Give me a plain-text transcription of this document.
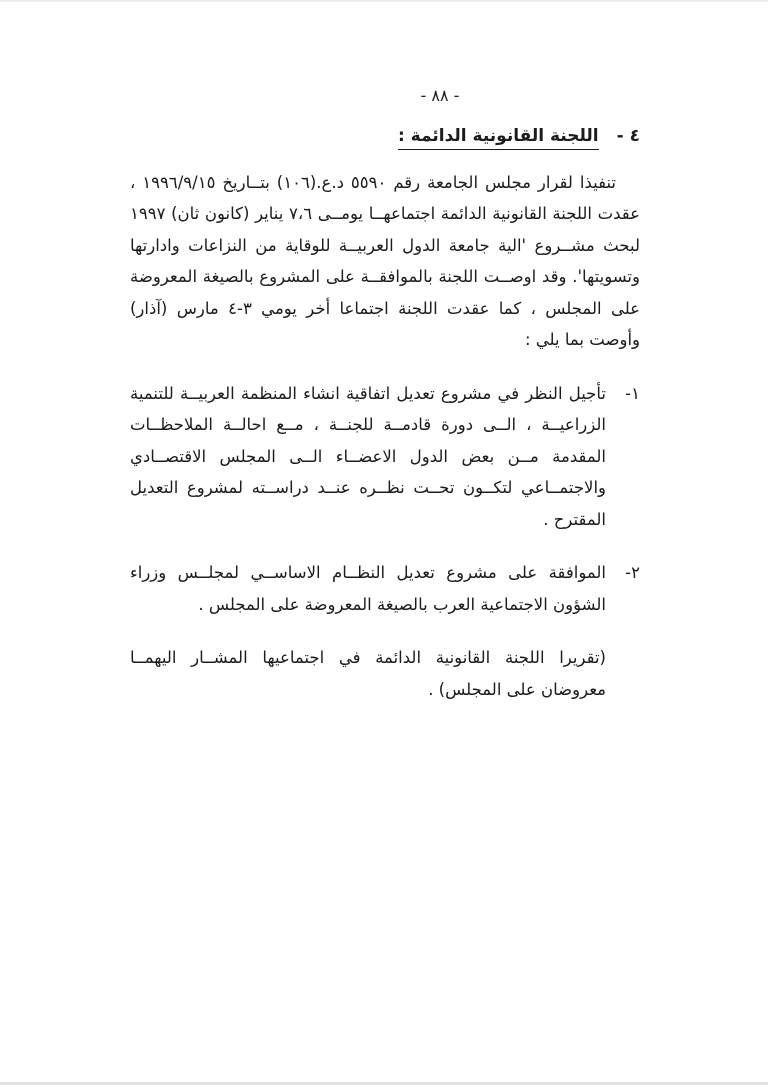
- ٨٨ -
٤ -اللجنة القانونية الدائمة :

تنفيذا لقرار مجلس الجامعة رقم ٥٥٩٠ د.ع.(١٠٦) بتــاريخ ١٩٩٦/٩/١٥ ، عقدت اللجنة القانونية الدائمة اجتماعهــا يومــى ٧،٦ يناير (كانون ثان) ١٩٩٧ لبحث مشــروع 'الية جامعة الدول العربيــة للوقاية من النزاعات وادارتها وتسويتها'. وقد اوصــت اللجنة بالموافقــة على المشروع بالصيغة المعروضة على المجلس ، كما عقدت اللجنة اجتماعا أخر يومي ٣-٤ مارس (آذار) وأوصت بما يلي :

١-

تأجيل النظر في مشروع تعديل اتفاقية انشاء المنظمة العربيــة للتنمية الزراعيــة ، الــى دورة قادمــة للجنــة ، مــع احالــة الملاحظــات المقدمة مــن بعض الدول الاعضــاء الــى المجلس الاقتصــادي والاجتمــاعي لتكــون تحــت نظــره عنــد دراســته لمشروع التعديل المقترح .

٢-

الموافقة على مشروع تعديل النظــام الاساســي لمجلــس وزراء الشؤون الاجتماعية العرب بالصيغة المعروضة على المجلس .

(تقريرا اللجنة القانونية الدائمة في اجتماعيها المشــار اليهمــا معروضان على المجلس) .
